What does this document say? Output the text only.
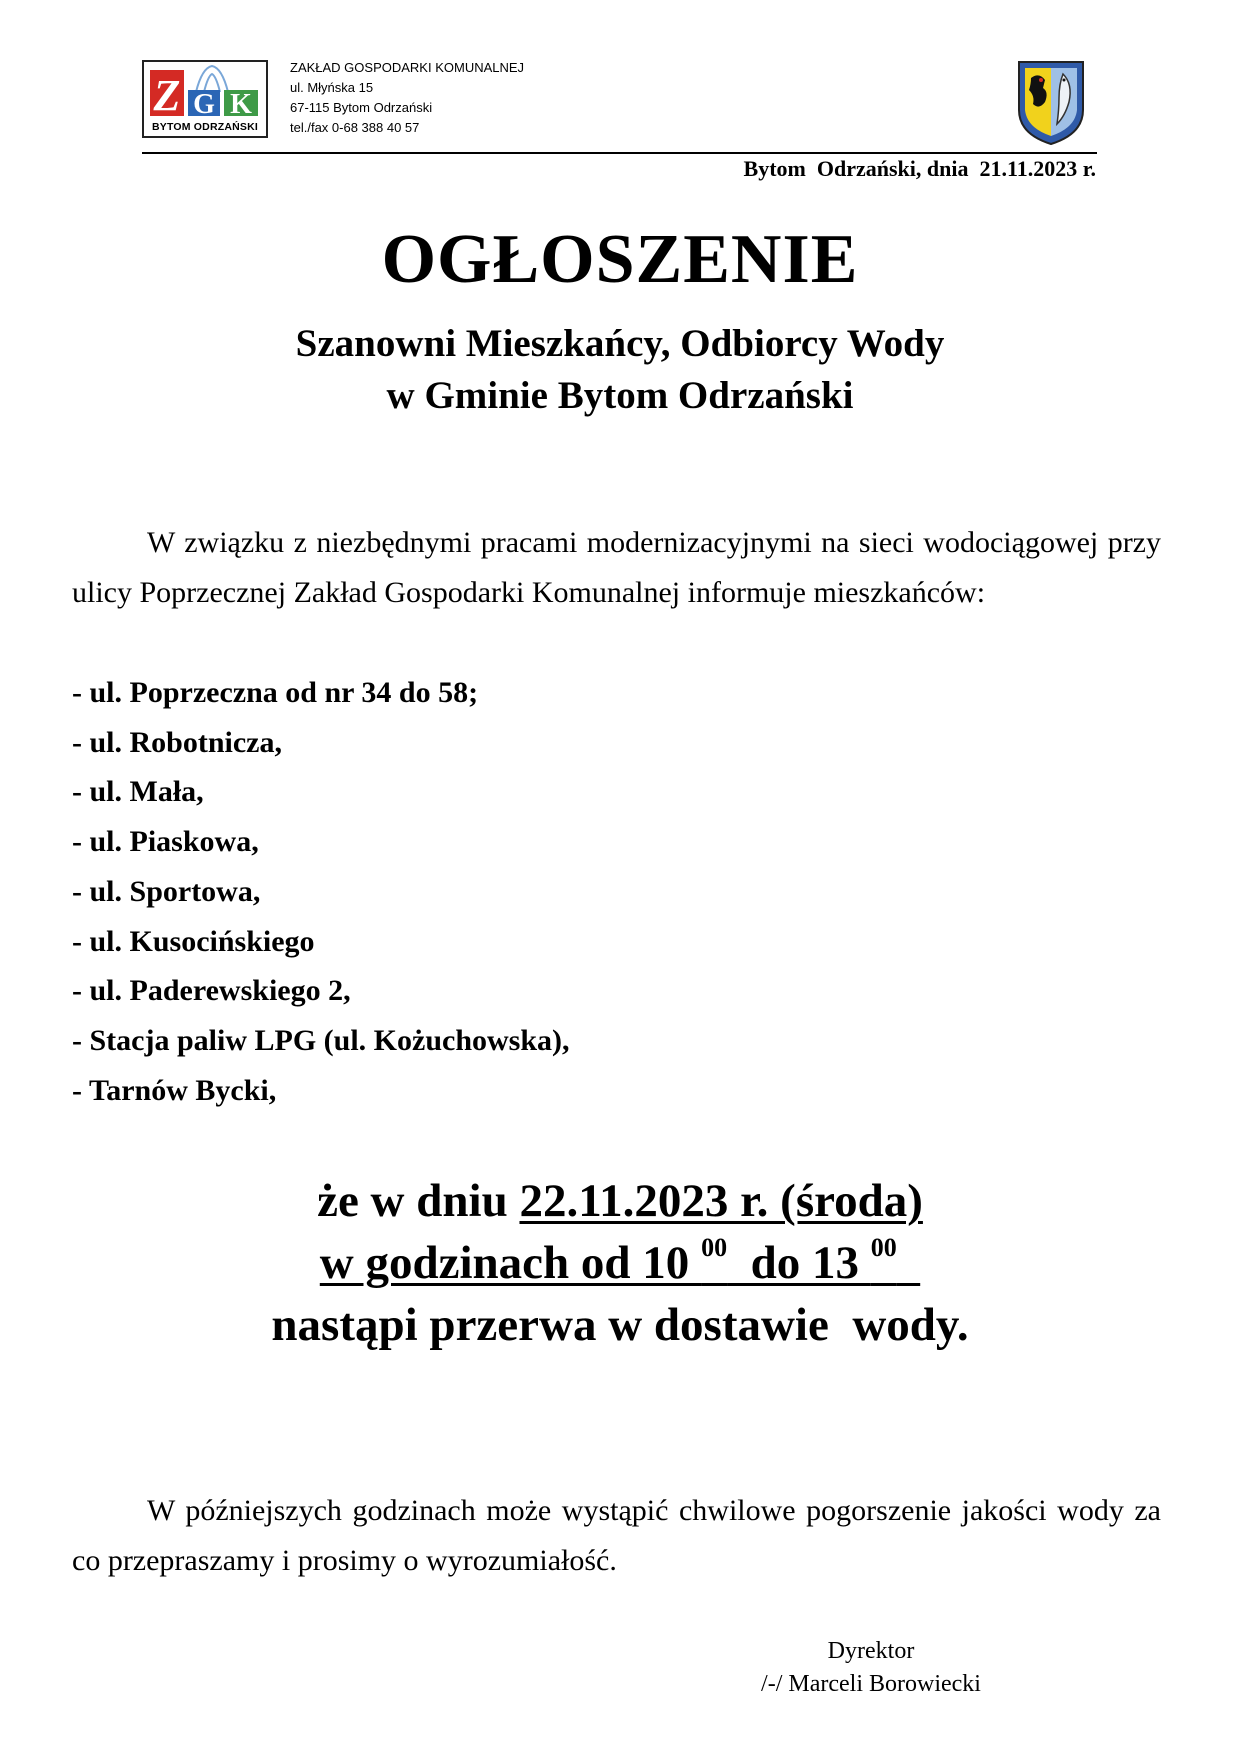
Z G K
BYTOM ODRZAŃSKI
ZAKŁAD GOSPODARKI KOMUNALNEJ
ul. Młyńska 15
67-115 Bytom Odrzański
tel./fax 0-68 388 40 57
Bytom  Odrzański, dnia  21.11.2023 r.
OGŁOSZENIE
Szanowni Mieszkańcy, Odbiorcy Wody
w Gminie Bytom Odrzański

W związku z niezbędnymi pracami modernizacyjnymi na sieci wodociągowej przy ulicy Poprzecznej Zakład Gospodarki Komunalnej informuje mieszkańców:

- ul. Poprzeczna od nr 34 do 58;
- ul. Robotnicza,
- ul. Mała,
- ul. Piaskowa,
- ul. Sportowa,
- ul. Kusocińskiego
- ul. Paderewskiego 2,
- Stacja paliw LPG (ul. Kożuchowska),
- Tarnów Bycki,
że w dniu 22.11.2023 r. (środa)
w godzinach od 10 $^{00}$  do 13 $^{00}$
nastąpi przerwa w dostawie  wody.

W późniejszych godzinach może wystąpić chwilowe pogorszenie jakości wody za co przepraszamy i prosimy o wyrozumiałość.

Dyrektor
/-/ Marceli Borowiecki
